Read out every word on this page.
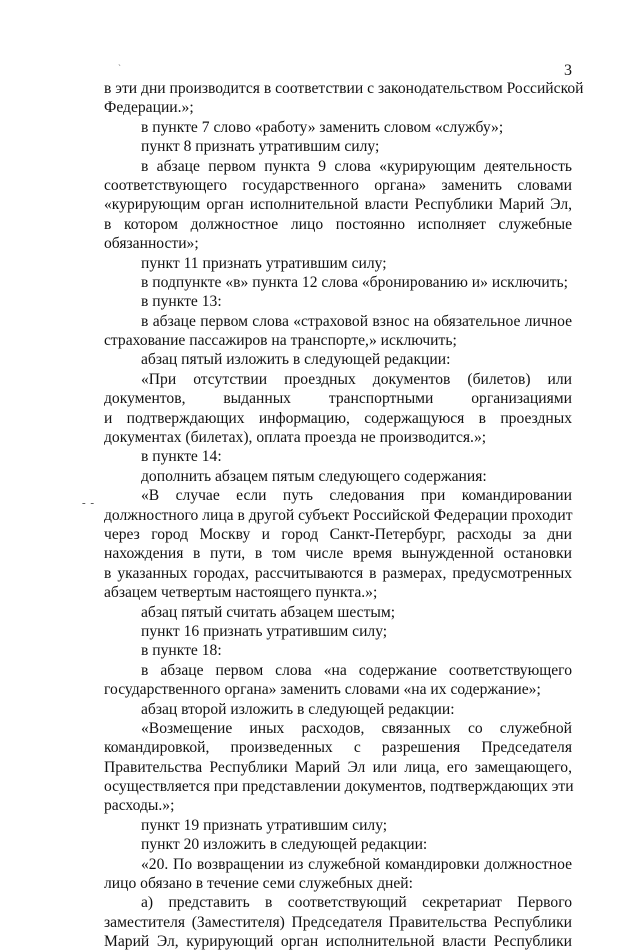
`	3
- -
в эти дни производится в соответствии с законодательством Российской
Федерации.»;
в пункте 7 слово «работу» заменить словом «службу»;
пункт 8 признать утратившим силу;
в абзаце первом пункта 9 слова «курирующим деятельность
соответствующего государственного органа» заменить словами
«курирующим орган исполнительной власти Республики Марий Эл,
в котором должностное лицо постоянно исполняет служебные
обязанности»;
пункт 11 признать утратившим силу;
в подпункте «в» пункта 12 слова «бронированию и» исключить;
в пункте 13:
в абзаце первом слова «страховой взнос на обязательное личное
страхование пассажиров на транспорте,» исключить;
абзац пятый изложить в следующей редакции:
«При отсутствии проездных документов (билетов) или
документов, выданных транспортными организациями
и подтверждающих информацию, содержащуюся в проездных
документах (билетах), оплата проезда не производится.»;
в пункте 14:
дополнить абзацем пятым следующего содержания:
«В случае если путь следования при командировании
должностного лица в другой субъект Российской Федерации проходит
через город Москву и город Санкт-Петербург, расходы за дни
нахождения в пути, в том числе время вынужденной остановки
в указанных городах, рассчитываются в размерах, предусмотренных
абзацем четвертым настоящего пункта.»;
абзац пятый считать абзацем шестым;
пункт 16 признать утратившим силу;
в пункте 18:
в абзаце первом слова «на содержание соответствующего
государственного органа» заменить словами «на их содержание»;
абзац второй изложить в следующей редакции:
«Возмещение иных расходов, связанных со служебной
командировкой, произведенных с разрешения Председателя
Правительства Республики Марий Эл или лица, его замещающего,
осуществляется при представлении документов, подтверждающих эти
расходы.»;
пункт 19 признать утратившим силу;
пункт 20 изложить в следующей редакции:
«20. По возвращении из служебной командировки должностное
лицо обязано в течение семи служебных дней:
а) представить в соответствующий секретариат Первого
заместителя (Заместителя) Председателя Правительства Республики
Марий Эл, курирующий орган исполнительной власти Республики
